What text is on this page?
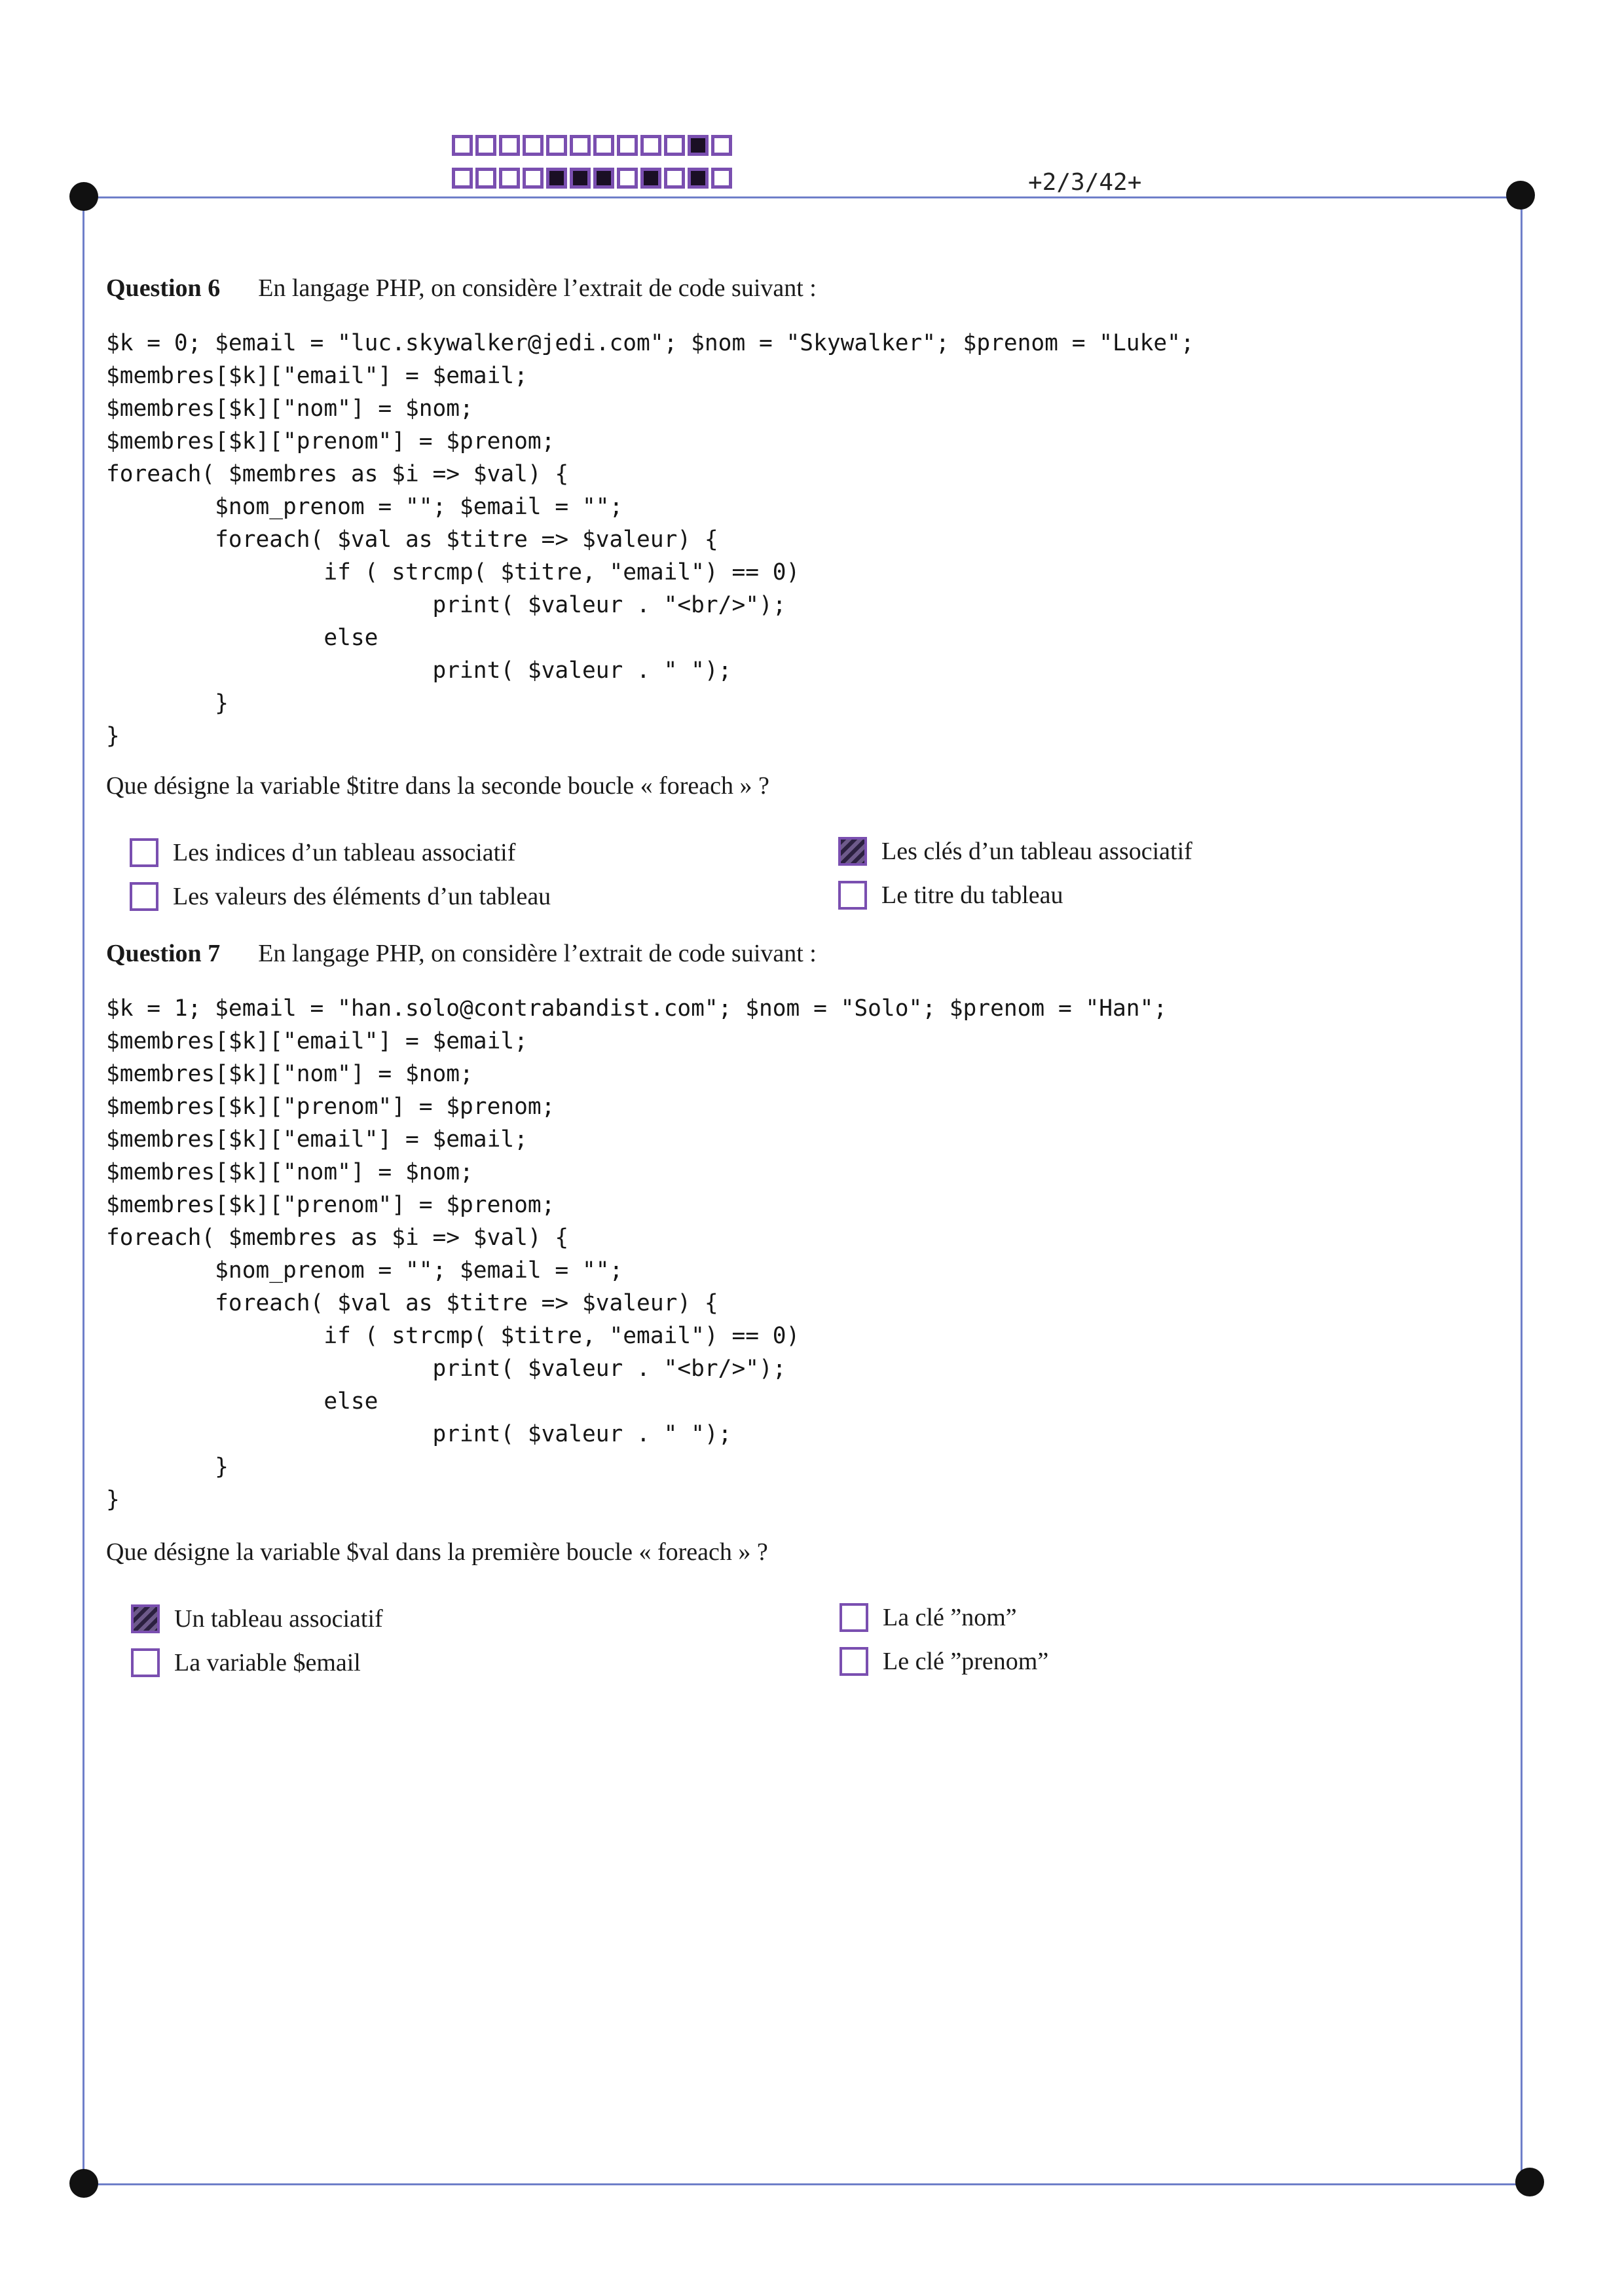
+2/3/42+
Question 6 En langage PHP, on considère l’extrait de code suivant :
$k = 0; $email = "luc.skywalker@jedi.com"; $nom = "Skywalker"; $prenom = "Luke";
$membres[$k]["email"] = $email;
$membres[$k]["nom"] = $nom;
$membres[$k]["prenom"] = $prenom;
foreach( $membres as $i => $val) {
$nom_prenom = ""; $email = "";
foreach( $val as $titre => $valeur) {
if ( strcmp( $titre, "email") == 0)
print( $valeur . "<br/>");
else
print( $valeur . " ");
}
}
Que désigne la variable $titre dans la seconde boucle « foreach » ?
Les indices d’un tableau associatif
Les valeurs des éléments d’un tableau
Les clés d’un tableau associatif
Le titre du tableau
Question 7 En langage PHP, on considère l’extrait de code suivant :
$k = 1; $email = "han.solo@contrabandist.com"; $nom = "Solo"; $prenom = "Han";
$membres[$k]["email"] = $email;
$membres[$k]["nom"] = $nom;
$membres[$k]["prenom"] = $prenom;
$membres[$k]["email"] = $email;
$membres[$k]["nom"] = $nom;
$membres[$k]["prenom"] = $prenom;
foreach( $membres as $i => $val) {
$nom_prenom = ""; $email = "";
foreach( $val as $titre => $valeur) {
if ( strcmp( $titre, "email") == 0)
print( $valeur . "<br/>");
else
print( $valeur . " ");
}
}
Que désigne la variable $val dans la première boucle « foreach » ?
Un tableau associatif
La variable $email
La clé ”nom”
Le clé ”prenom”
